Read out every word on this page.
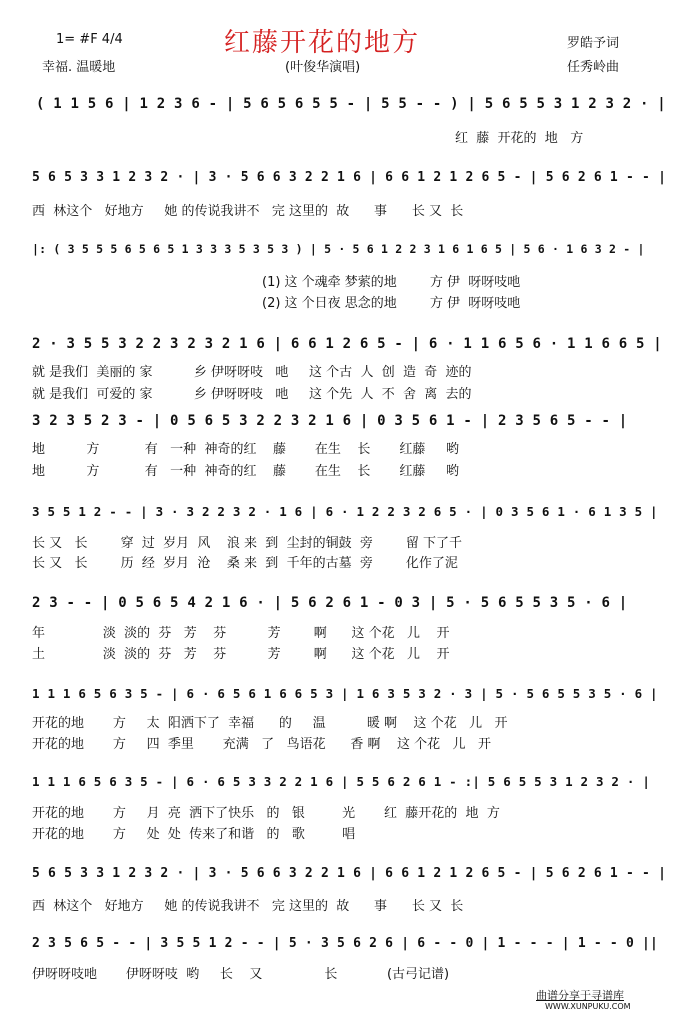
1= #F 4/4
幸福. 温暖地
红藤开花的地方
(叶俊华演唱)
罗皓予词
任秀岭曲
( 1 1 5 6 | 1 2 3 6 - | 5 6 5 6 5 5 - | 5 5 - - ) | 5 6 5 5 3 1 2 3 2 · |
红  藤  开花的  地   方
5 6 5 3 3 1 2 3 2 · | 3 · 5 6 6 3 2 2 1 6 | 6 6 1 2 1 2 6 5 - | 5 6 2 6 1 - - |
西  林这个   好地方     她 的传说我讲不   完 这里的  故      事      长 又  长
|: ( 3 5 5 5 6 5 6 5 1 3 3 3 5 3 5 3 ) | 5 · 5 6 1 2 2 3 1 6 1 6 5 | 5 6 · 1 6 3 2 - |
(1) 这 个魂牵 梦萦的地        方 伊  呀呀吱吔
(2) 这 个日夜 思念的地        方 伊  呀呀吱吔
2 · 3 5 5 3 2 2 3 2 3 2 1 6 | 6 6 1 2 6 5 - | 6 · 1 1 6 5 6 · 1 1 6 6 5 |
就 是我们  美丽的 家          乡 伊呀呀吱   吔     这 个古  人  创  造  奇  迹的
就 是我们  可爱的 家          乡 伊呀呀吱   吔     这 个先  人  不  舍  离  去的
3 2 3 5 2 3 - | 0 5 6 5 3 2 2 3 2 1 6 | 0 3 5 6 1 - | 2 3 5 6 5 - - |
地          方           有   一种  神奇的红    藤       在生    长       红藤     哟
地          方           有   一种  神奇的红    藤       在生    长       红藤     哟
3 5 5 1 2 - - | 3 · 3 2 2 3 2 · 1 6 | 6 · 1 2 2 3 2 6 5 · | 0 3 5 6 1 · 6 1 3 5 |
长 又   长        穿  过  岁月  风    浪 来  到  尘封的铜鼓  旁        留 下了千
长 又   长        历  经  岁月  沧    桑 来  到  千年的古墓  旁        化作了泥
2 3 - - | 0 5 6 5 4 2 1 6 · | 5 6 2 6 1 - 0 3 | 5 · 5 6 5 5 3 5 · 6 |
年              淡  淡的  芬   芳    芬          芳        啊      这 个花   儿    开
土              淡  淡的  芬   芳    芬          芳        啊      这 个花   儿    开
1 1 1 6 5 6 3 5 - | 6 · 6 5 6 1 6 6 5 3 | 1 6 3 5 3 2 · 3 | 5 · 5 6 5 5 3 5 · 6 |
开花的地       方     太  阳洒下了  幸福      的     温          暖 啊    这 个花   儿   开
开花的地       方     四  季里       充满   了   鸟语花      香 啊    这 个花   儿   开
1 1 1 6 5 6 3 5 - | 6 · 6 5 3 3 2 2 1 6 | 5 5 6 2 6 1 - :| 5 6 5 5 3 1 2 3 2 · |
开花的地       方     月  亮  洒下了快乐   的   银         光       红  藤开花的  地  方
开花的地       方     处  处  传来了和谐   的   歌         唱
5 6 5 3 3 1 2 3 2 · | 3 · 5 6 6 3 2 2 1 6 | 6 6 1 2 1 2 6 5 - | 5 6 2 6 1 - - |
西  林这个   好地方     她 的传说我讲不   完 这里的  故      事      长 又  长
2 3 5 6 5 - - | 3 5 5 1 2 - - | 5 · 3 5 6 2 6 | 6 - - 0 | 1 - - - | 1 - - 0 ||
伊呀呀吱吔       伊呀呀吱  哟     长    又               长            (古弓记谱)
曲谱分享于寻谱库
WWW.XUNPUKU.COM
